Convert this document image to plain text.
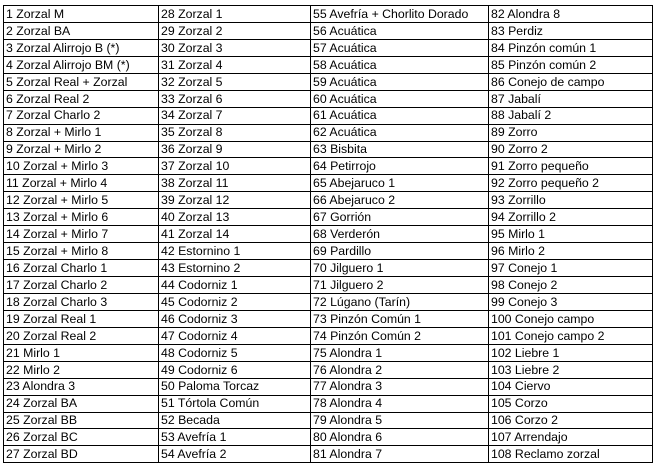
1 Zorzal M	28 Zorzal 1	55 Avefría + Chorlito Dorado	82 Alondra 8
2 Zorzal BA	29 Zorzal 2	56 Acuática	83 Perdiz
3 Zorzal Alirrojo B (*)	30 Zorzal 3	57 Acuática	84 Pinzón común 1
4 Zorzal Alirrojo BM (*)	31 Zorzal 4	58 Acuática	85 Pinzón común 2
5 Zorzal Real + Zorzal	32 Zorzal 5	59 Acuática	86 Conejo de campo
6 Zorzal Real 2	33 Zorzal 6	60 Acuática	87 Jabalí
7 Zorzal Charlo 2	34 Zorzal 7	61 Acuática	88 Jabalí 2
8 Zorzal + Mirlo 1	35 Zorzal 8	62 Acuática	89 Zorro
9 Zorzal + Mirlo 2	36 Zorzal 9	63 Bisbita	90 Zorro 2
10 Zorzal + Mirlo 3	37 Zorzal 10	64 Petirrojo	91 Zorro pequeño
11 Zorzal + Mirlo 4	38 Zorzal 11	65 Abejaruco 1	92 Zorro pequeño 2
12 Zorzal + Mirlo 5	39 Zorzal 12	66 Abejaruco 2	93 Zorrillo
13 Zorzal + Mirlo 6	40 Zorzal 13	67 Gorrión	94 Zorrillo 2
14 Zorzal + Mirlo 7	41 Zorzal 14	68 Verderón	95 Mirlo 1
15 Zorzal + Mirlo 8	42 Estornino 1	69 Pardillo	96 Mirlo 2
16 Zorzal Charlo 1	43 Estornino 2	70 Jilguero 1	97 Conejo 1
17 Zorzal Charlo 2	44 Codorniz 1	71 Jilguero 2	98 Conejo 2
18 Zorzal Charlo 3	45 Codorniz 2	72 Lúgano (Tarín)	99 Conejo 3
19 Zorzal Real 1	46 Codorniz 3	73 Pinzón Común 1	100 Conejo campo
20 Zorzal Real 2	47 Codorniz 4	74 Pinzón Común 2	101 Conejo campo 2
21 Mirlo 1	48 Codorniz 5	75 Alondra 1	102 Liebre 1
22 Mirlo 2	49 Codorniz 6	76 Alondra 2	103 Liebre 2
23 Alondra 3	50 Paloma Torcaz	77 Alondra 3	104 Ciervo
24 Zorzal BA	51 Tórtola Común	78 Alondra 4	105 Corzo
25 Zorzal BB	52 Becada	79 Alondra 5	106 Corzo 2
26 Zorzal BC	53 Avefría 1	80 Alondra 6	107 Arrendajo
27 Zorzal BD	54 Avefría 2	81 Alondra 7	108 Reclamo zorzal
